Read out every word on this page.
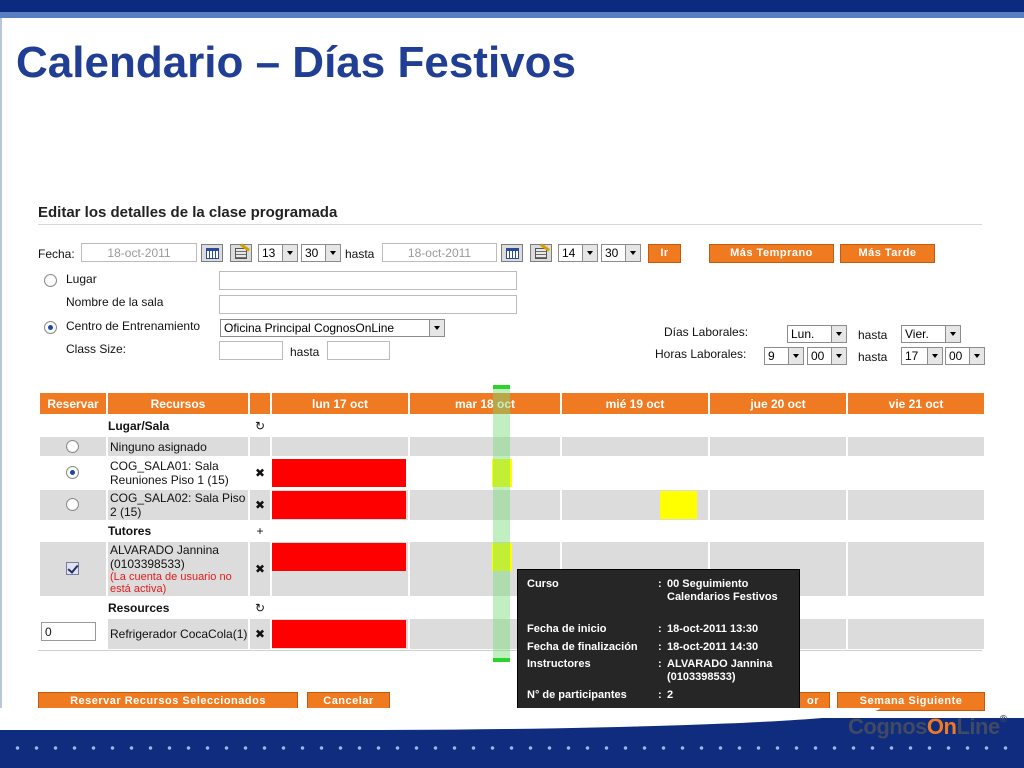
Calendario – Días Festivos
Editar los detalles de la clase programada
Fecha:	18-oct-2011	13	30	hasta	18-oct-2011	14	30	Ir	Más Temprano	Más Tarde
Lugar
Nombre de la sala
Centro de Entrenamiento	Oficina Principal CognosOnLine
Class Size:	hasta
Días Laborales:	Lun.	hasta	Vier.
Horas Laborales:	9	00	hasta	17	00
Reservar	Recursos		lun 17 oct	mar 18 oct	mié 19 oct	jue 20 oct	vie 21 oct
	Lugar/Sala	↻					

	Ninguno asignado						

	COG_SALA01: Sala Reuniones Piso 1 (15)	✖	

	COG_SALA02: Sala Piso 2 (15)	✖	

	Tutores	+					

	ALVARADO Jannina (0103398533)
(La cuenta de usuario no está activa)	✖	

	Resources	↻					

0	Refrigerador CocaCola(1)	✖	

Reservar Recursos Seleccionados	Cancelar	or	Semana Siguiente
Curso	: 00 Seguimiento Calendarios Festivos
Fecha de inicio	: 18-oct-2011 13:30
Fecha de finalización : 18-oct-2011 14:30
Instructores	: ALVARADO Jannina (0103398533)
N° de participantes	: 2
CognosOnLine®
